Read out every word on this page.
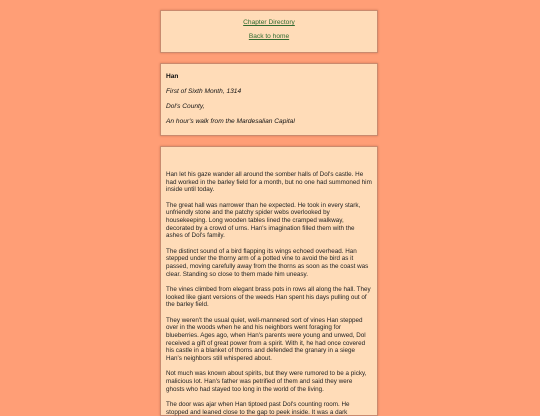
Chapter Directory
Back to home

Han

First of Sixth Month, 1314

Dol's County,

An hour's walk from the Mardesalian Capital

Han let his gaze wander all around the somber halls of Dol's castle. He had worked in the barley field for a month, but no one had summoned him inside until today.

The great hall was narrower than he expected. He took in every stark, unfriendly stone and the patchy spider webs overlooked by housekeeping. Long wooden tables lined the cramped walkway, decorated by a crowd of urns. Han's imagination filled them with the ashes of Dol's family.

The distinct sound of a bird flapping its wings echoed overhead. Han stepped under the thorny arm of a potted vine to avoid the bird as it passed, moving carefully away from the thorns as soon as the coast was clear. Standing so close to them made him uneasy.

The vines climbed from elegant brass pots in rows all along the hall. They looked like giant versions of the weeds Han spent his days pulling out of the barley field.

They weren't the usual quiet, well-mannered sort of vines Han stepped over in the woods when he and his neighbors went foraging for blueberries. Ages ago, when Han's parents were young and unwed, Dol received a gift of great power from a spirit. With it, he had once covered his castle in a blanket of thorns and defended the granary in a siege Han's neighbors still whispered about.

Not much was known about spirits, but they were rumored to be a picky, malicious lot. Han's father was petrified of them and said they were ghosts who had stayed too long in the world of the living.

The door was ajar when Han tiptoed past Dol's counting room. He stopped and leaned close to the gap to peek inside. It was a dark
